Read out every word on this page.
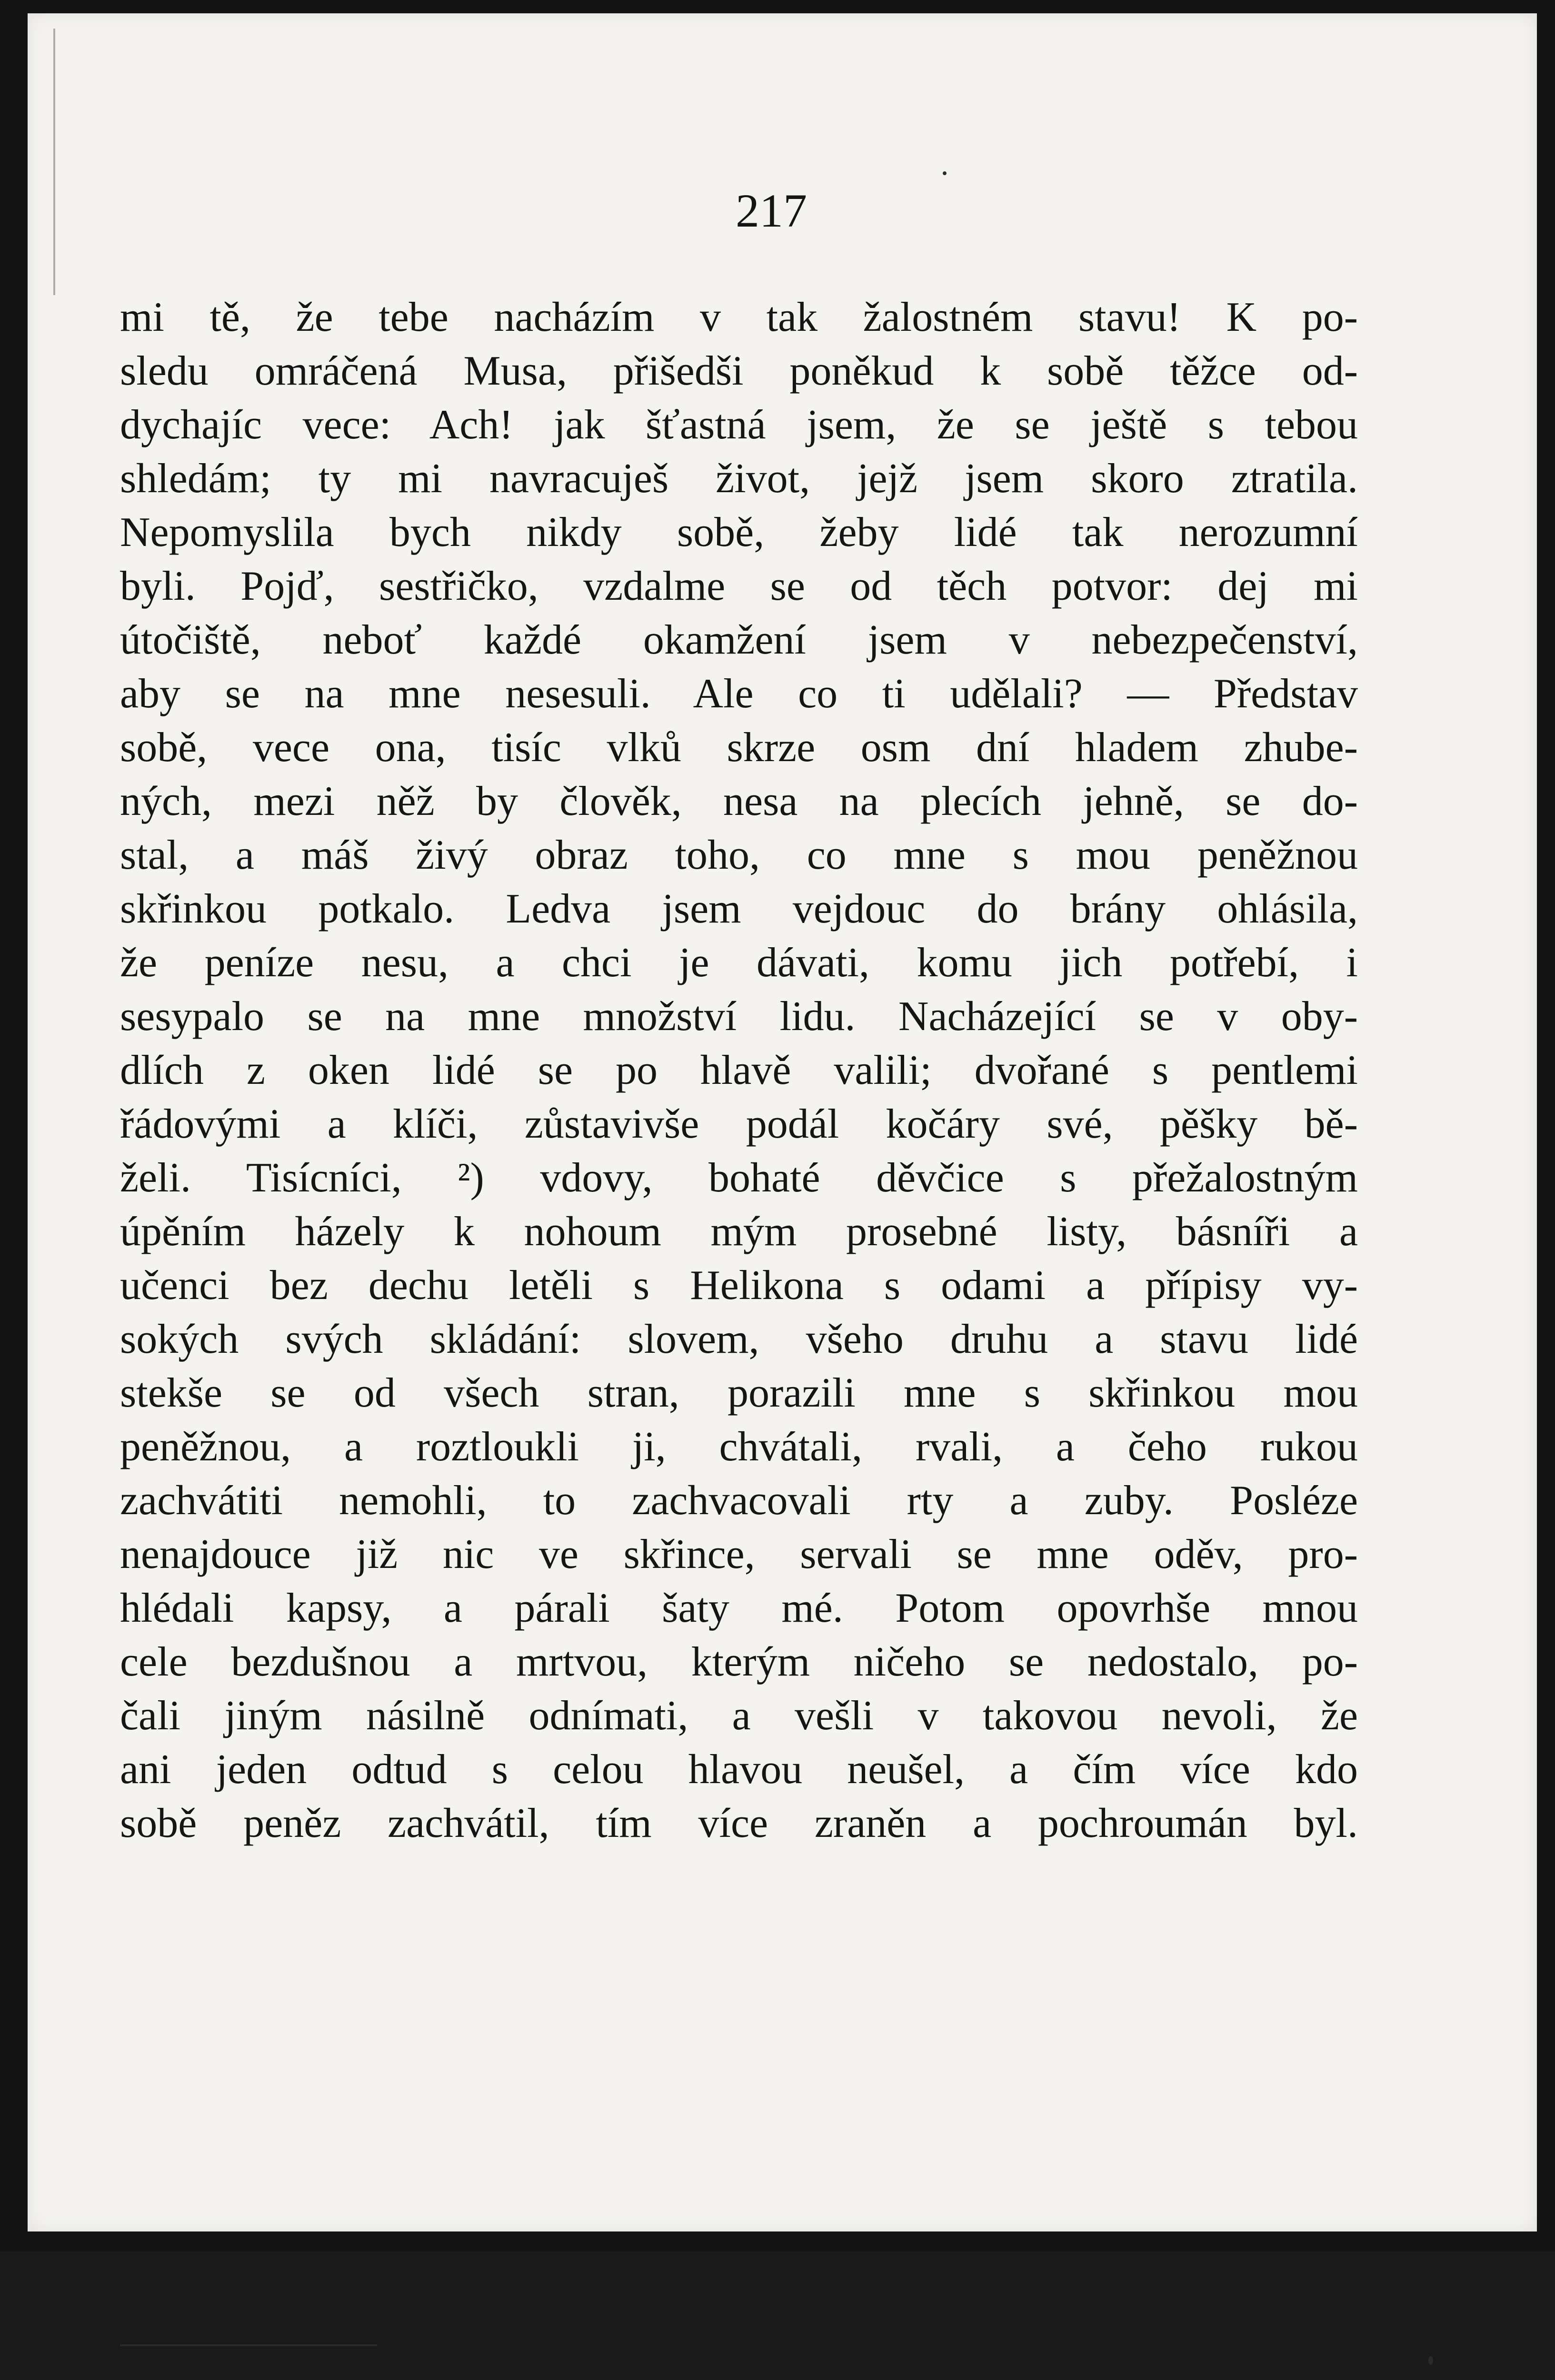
217

mi tě, že tebe nacházím v tak žalostném stavu! K po-
sledu omráčená Musa, přišedši poněkud k sobě těžce od-
dychajíc vece: Ach! jak šťastná jsem, že se ještě s tebou
shledám; ty mi navracuješ život, jejž jsem skoro ztratila.
Nepomyslila bych nikdy sobě, žeby lidé tak nerozumní
byli. Pojď, sestřičko, vzdalme se od těch potvor: dej mi
útočiště, neboť každé okamžení jsem v nebezpečenství,
aby se na mne nesesuli. Ale co ti udělali? — Představ
sobě, vece ona, tisíc vlků skrze osm dní hladem zhube-
ných, mezi něž by člověk, nesa na plecích jehně, se do-
stal, a máš živý obraz toho, co mne s mou peněžnou
skřinkou potkalo. Ledva jsem vejdouc do brány ohlásila,
že peníze nesu, a chci je dávati, komu jich potřebí, i
sesypalo se na mne množství lidu. Nacházející se v oby-
dlích z oken lidé se po hlavě valili; dvořané s pentlemi
řádovými a klíči, zůstavivše podál kočáry své, pěšky bě-
želi. Tisícníci, ²) vdovy, bohaté děvčice s přežalostným
úpěním házely k nohoum mým prosebné listy, básníři a
učenci bez dechu letěli s Helikona s odami a přípisy vy-
sokých svých skládání: slovem, všeho druhu a stavu lidé
stekše se od všech stran, porazili mne s skřinkou mou
peněžnou, a roztloukli ji, chvátali, rvali, a čeho rukou
zachvátiti nemohli, to zachvacovali rty a zuby. Posléze
nenajdouce již nic ve skřince, servali se mne oděv, pro-
hlédali kapsy, a párali šaty mé. Potom opovrhše mnou
cele bezdušnou a mrtvou, kterým ničeho se nedostalo, po-
čali jiným násilně odnímati, a vešli v takovou nevoli, že
ani jeden odtud s celou hlavou neušel, a čím více kdo
sobě peněz zachvátil, tím více zraněn a pochroumán byl.
